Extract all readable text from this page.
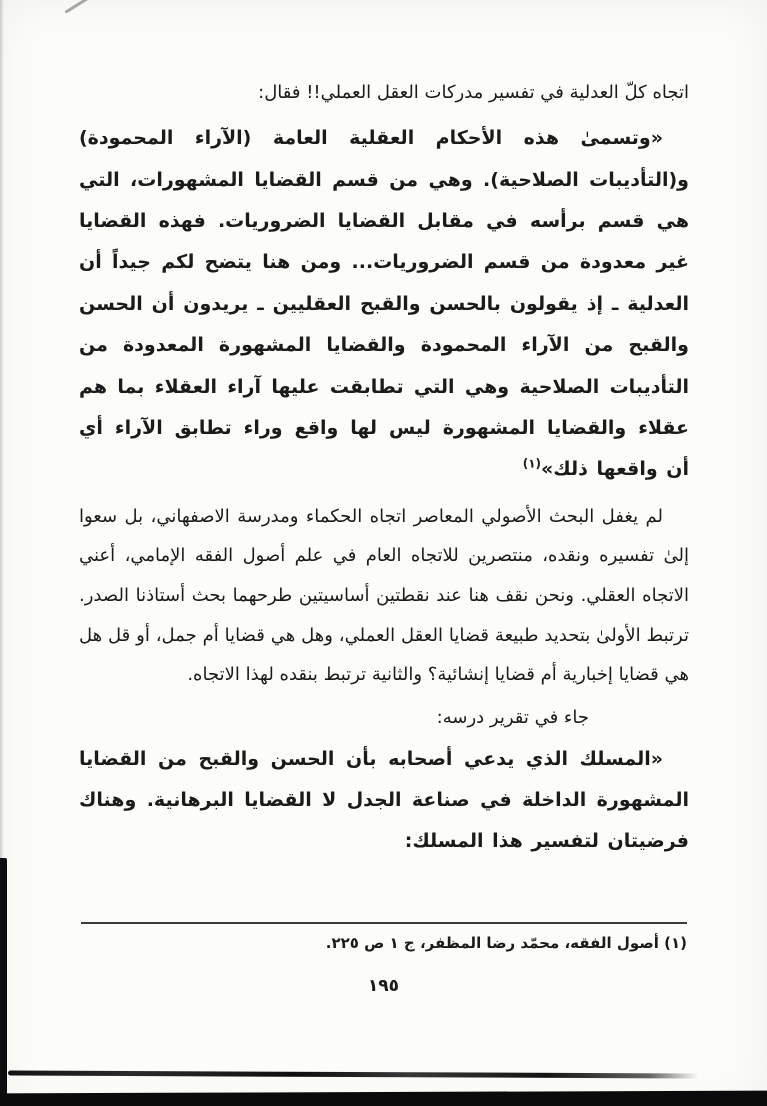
اتجاه كلّ العدلية في تفسير مدركات العقل العملي!! فقال:

«وتسمىٰ هذه الأحكام العقلية العامة (الآراء المحمودة) و(التأديبات الصلاحية). وهي من قسم القضايا المشهورات، التي هي قسم برأسه في مقابل القضايا الضروريات. فهذه القضايا غير معدودة من قسم الضروريات... ومن هنا يتضح لكم جيداً أن العدلية ـ إذ يقولون بالحسن والقبح العقليين ـ يريدون أن الحسن والقبح من الآراء المحمودة والقضايا المشهورة المعدودة من التأديبات الصلاحية وهي التي تطابقت عليها آراء العقلاء بما هم عقلاء والقضايا المشهورة ليس لها واقع وراء تطابق الآراء أي أن واقعها ذلك»$^{(١)}$

لم يغفل البحث الأصولي المعاصر اتجاه الحكماء ومدرسة الاصفهاني، بل سعوا إلىٰ تفسيره ونقده، منتصرين للاتجاه العام في علم أصول الفقه الإمامي، أعني الاتجاه العقلي. ونحن نقف هنا عند نقطتين أساسيتين طرحهما بحث أستاذنا الصدر. ترتبط الأولىٰ بتحديد طبيعة قضايا العقل العملي، وهل هي قضايا أم جمل، أو قل هل هي قضايا إخبارية أم قضايا إنشائية؟ والثانية ترتبط بنقده لهذا الاتجاه.

جاء في تقرير درسه:

«المسلك الذي يدعي أصحابه بأن الحسن والقبح من القضايا المشهورة الداخلة في صناعة الجدل لا القضايا البرهانية. وهناك فرضيتان لتفسير هذا المسلك:

(١) أصول الفقه، محمّد رضا المظفر، ج ١ ص ٢٢٥.

١٩٥
